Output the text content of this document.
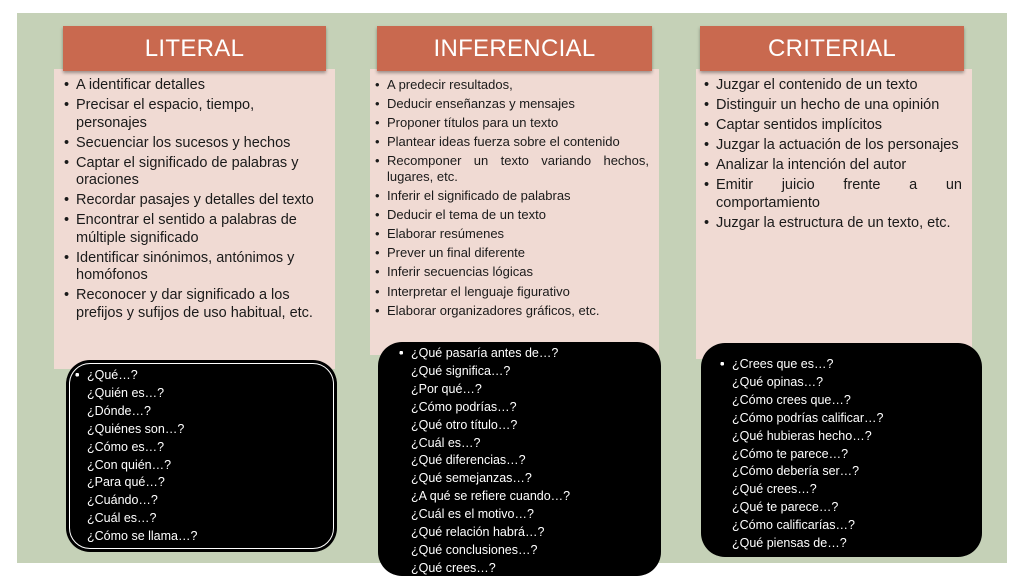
LITERAL	INFERENCIAL	CRITERIAL
• A identificar detalles
• Precisar el espacio, tiempo, personajes
• Secuenciar los sucesos y hechos
• Captar el significado de palabras y oraciones
• Recordar pasajes y detalles del texto
• Encontrar el sentido a palabras de múltiple significado
• Identificar sinónimos, antónimos y homófonos
• Reconocer y dar significado a los prefijos y sufijos de uso habitual, etc.
• A predecir resultados,
• Deducir enseñanzas y mensajes
• Proponer títulos para un texto
• Plantear ideas fuerza sobre el contenido
• Recomponer un texto variando hechos, lugares, etc.
• Inferir el significado de palabras
• Deducir el tema de un texto
• Elaborar resúmenes
• Prever un final diferente
• Inferir secuencias lógicas
• Interpretar el lenguaje figurativo
• Elaborar organizadores gráficos, etc.
• Juzgar el contenido de un texto
• Distinguir un hecho de una opinión
• Captar sentidos implícitos
• Juzgar la actuación de los personajes
• Analizar la intención del autor
• Emitir juicio frente a un comportamiento
• Juzgar la estructura de un texto, etc.
• ¿Qué…?
• ¿Quién es…?
• ¿Dónde…?
• ¿Quiénes son…?
• ¿Cómo es…?
• ¿Con quién…?
• ¿Para qué…?
• ¿Cuándo…?
• ¿Cuál es…?
• ¿Cómo se llama…?
• ¿Qué pasaría antes de…?
• ¿Qué significa…?
• ¿Por qué…?
• ¿Cómo podrías…?
• ¿Qué otro título…?
• ¿Cuál es…?
• ¿Qué diferencias…?
• ¿Qué semejanzas…?
• ¿A qué se refiere cuando…?
• ¿Cuál es el motivo…?
• ¿Qué relación habrá…?
• ¿Qué conclusiones…?
• ¿Qué crees…?
• ¿Crees que es…?
• ¿Qué opinas…?
• ¿Cómo crees que…?
• ¿Cómo podrías calificar…?
• ¿Qué hubieras hecho…?
• ¿Cómo te parece…?
• ¿Cómo debería ser…?
• ¿Qué crees…?
• ¿Qué te parece…?
• ¿Cómo calificarías…?
• ¿Qué piensas de…?
